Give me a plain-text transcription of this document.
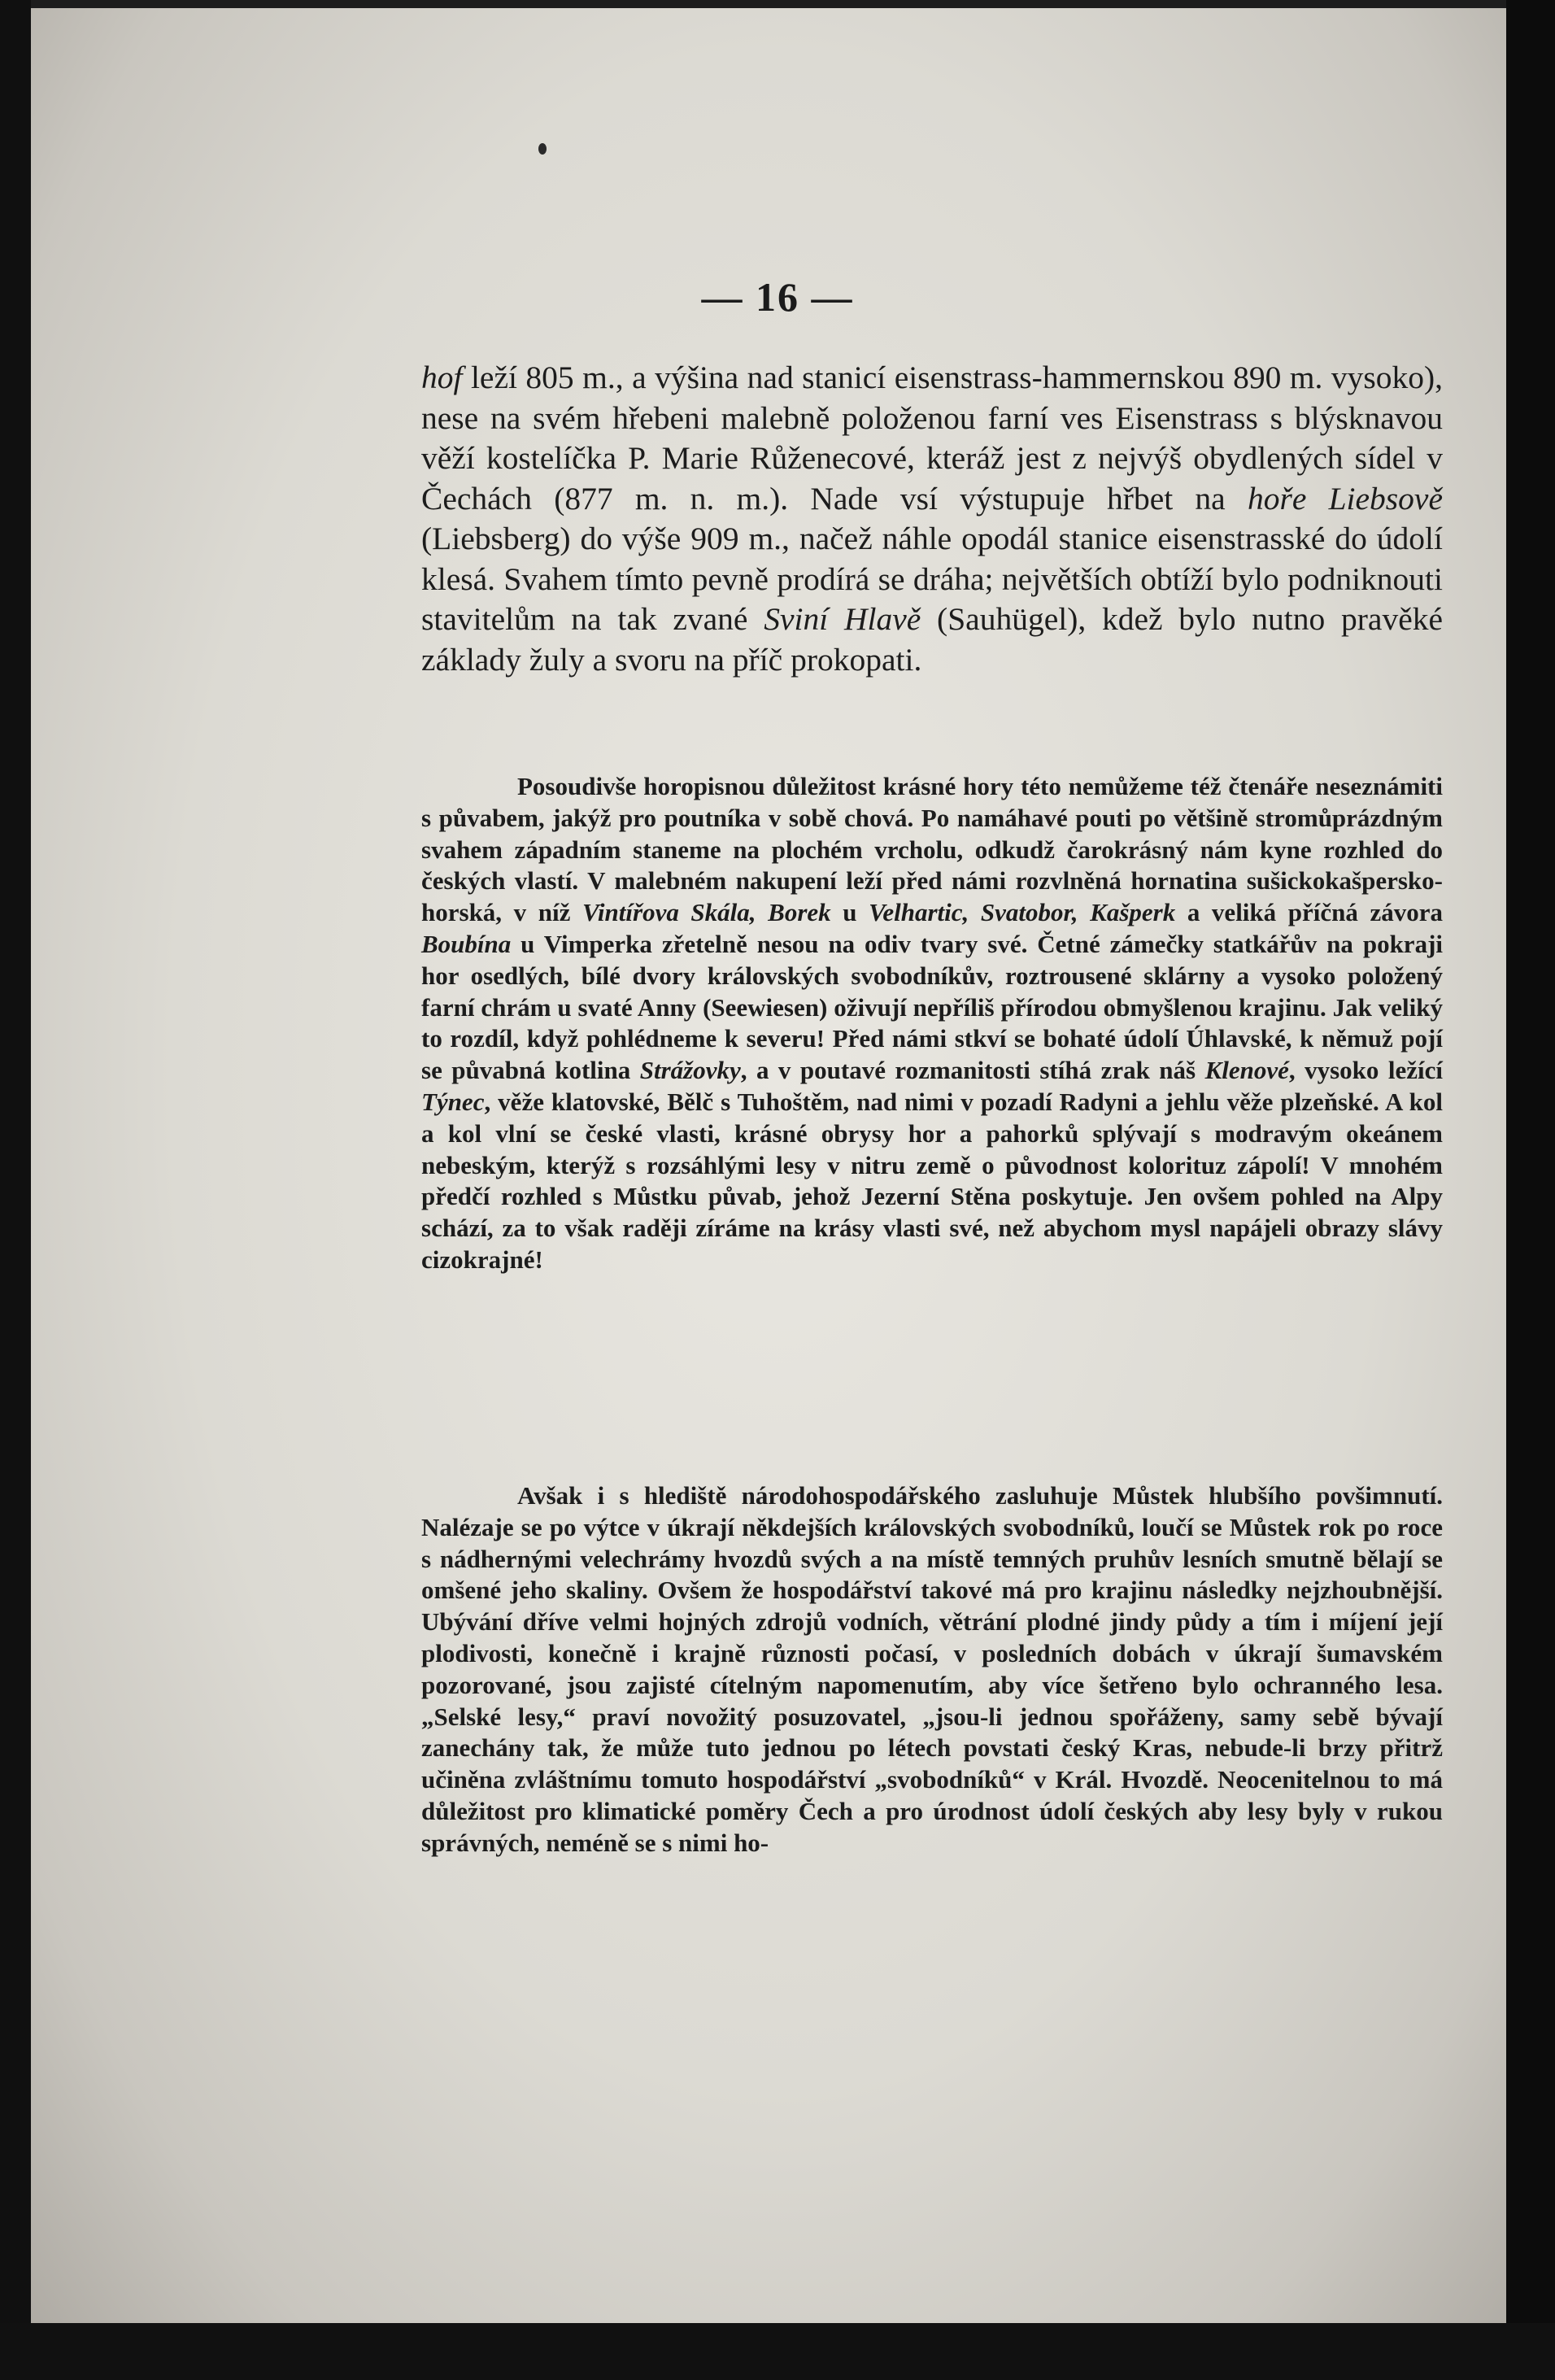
— 16 —

hof leží 805 m., a výšina nad stanicí eisenstrass-hammernskou 890 m. vysoko), nese na svém hřebeni malebně položenou farní ves Eisenstrass s blýsknavou věží kostelíčka P. Marie Růženecové, kteráž jest z nejvýš obydlených sídel v Čechách (877 m. n. m.). Nade vsí výstupuje hřbet na hoře Liebsově (Liebsberg) do výše 909 m., načež náhle opodál stanice eisenstrasské do údolí klesá. Svahem tímto pevně prodírá se dráha; největších obtíží bylo podniknouti stavitelům na tak zvané Sviní Hlavě (Sauhügel), kdež bylo nutno pravěké základy žuly a svoru na příč prokopati.

Posoudivše horopisnou důležitost krásné hory této nemůžeme též čtenáře neseznámiti s půvabem, jakýž pro poutníka v sobě chová. Po namáhavé pouti po většině stromůprázdným svahem západním staneme na plochém vrcholu, odkudž čarokrásný nám kyne rozhled do českých vlastí. V malebném nakupení leží před námi rozvlněná hornatina sušickokašpersko-horská, v níž Vintířova Skála, Borek u Velhartic, Svatobor, Kašperk a veliká příčná závora Boubína u Vimperka zřetelně nesou na odiv tvary své. Četné zámečky statkářův na pokraji hor osedlých, bílé dvory královských svobodníkův, roztrousené sklárny a vysoko položený farní chrám u svaté Anny (Seewiesen) oživují nepříliš přírodou obmyšlenou krajinu. Jak veliký to rozdíl, když pohlédneme k severu! Před námi stkví se bohaté údolí Úhlavské, k němuž pojí se půvabná kotlina Strážovky, a v poutavé rozmanitosti stíhá zrak náš Klenové, vysoko ležící Týnec, věže klatovské, Bělč s Tuhoštěm, nad nimi v pozadí Radyni a jehlu věže plzeňské. A kol a kol vlní se české vlasti, krásné obrysy hor a pahorků splývají s modravým okeánem nebeským, kterýž s rozsáhlými lesy v nitru země o původnost kolorituz zápolí! V mnohém předčí rozhled s Můstku půvab, jehož Jezerní Stěna poskytuje. Jen ovšem pohled na Alpy schází, za to však raději zíráme na krásy vlasti své, než abychom mysl napájeli obrazy slávy cizokrajné!

Avšak i s hlediště národohospodářského zasluhuje Můstek hlubšího povšimnutí. Nalézaje se po výtce v úkrají někdejších královských svobodníků, loučí se Můstek rok po roce s nádhernými velechrámy hvozdů svých a na místě temných pruhův lesních smutně bělají se omšené jeho skaliny. Ovšem že hospodářství takové má pro krajinu následky nejzhoubnější. Ubývání dříve velmi hojných zdrojů vodních, větrání plodné jindy půdy a tím i míjení její plodivosti, konečně i krajně různosti počasí, v posledních dobách v úkrají šumavském pozorované, jsou zajisté cítelným napomenutím, aby více šetřeno bylo ochranného lesa. „Selské lesy,“ praví novožitý posuzovatel, „jsou-li jednou spořáženy, samy sebě bývají zanechány tak, že může tuto jednou po létech povstati český Kras, nebude-li brzy přitrž učiněna zvláštnímu tomuto hospodářství „svobodníků“ v Král. Hvozdě. Neocenitelnou to má důležitost pro klimatické poměry Čech a pro úrodnost údolí českých aby lesy byly v rukou správných, neméně se s nimi ho-
